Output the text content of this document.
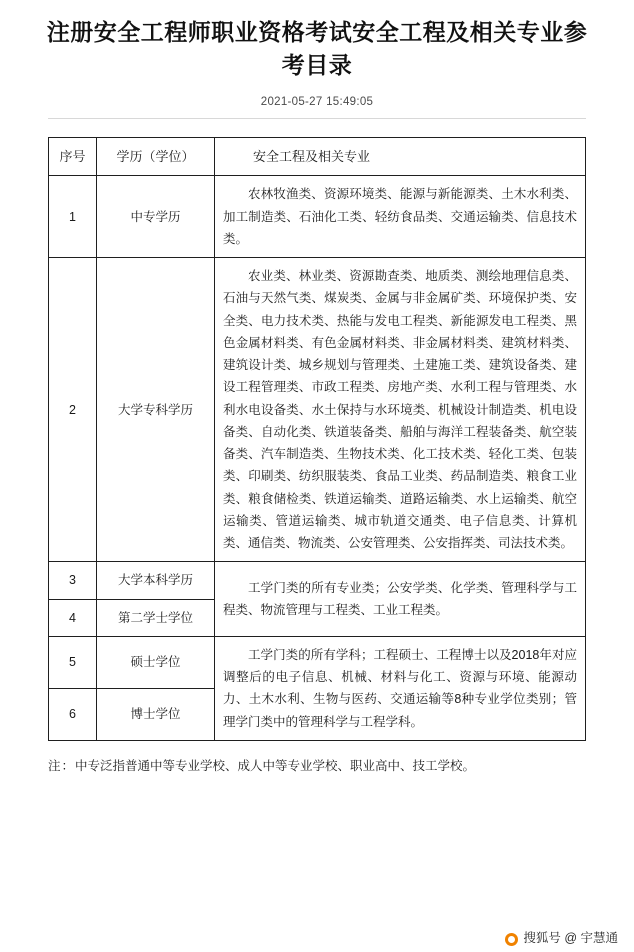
注册安全工程师职业资格考试安全工程及相关专业参考目录
2021-05-27 15:49:05
序号	学历（学位）	安全工程及相关专业
1	中专学历	农林牧渔类、资源环境类、能源与新能源类、土木水利类、加工制造类、石油化工类、轻纺食品类、交通运输类、信息技术类。
2	大学专科学历	农业类、林业类、资源勘查类、地质类、测绘地理信息类、石油与天然气类、煤炭类、金属与非金属矿类、环境保护类、安全类、电力技术类、热能与发电工程类、新能源发电工程类、黑色金属材料类、有色金属材料类、非金属材料类、建筑材料类、建筑设计类、城乡规划与管理类、土建施工类、建筑设备类、建设工程管理类、市政工程类、房地产类、水利工程与管理类、水利水电设备类、水土保持与水环境类、机械设计制造类、机电设备类、自动化类、铁道装备类、船舶与海洋工程装备类、航空装备类、汽车制造类、生物技术类、化工技术类、轻化工类、包装类、印刷类、纺织服装类、食品工业类、药品制造类、粮食工业类、粮食储检类、铁道运输类、道路运输类、水上运输类、航空运输类、管道运输类、城市轨道交通类、电子信息类、计算机类、通信类、物流类、公安管理类、公安指挥类、司法技术类。
3	大学本科学历	工学门类的所有专业类；公安学类、化学类、管理科学与工程类、物流管理与工程类、工业工程类。
4	第二学士学位	
5	硕士学位	工学门类的所有学科；工程硕士、工程博士以及2018年对应调整后的电子信息、机械、材料与化工、资源与环境、能源动力、土木水利、生物与医药、交通运输等8种专业学位类别；管理学门类中的管理科学与工程学科。
6	博士学位	
注：中专泛指普通中等专业学校、成人中等专业学校、职业高中、技工学校。
搜狐号 @ 宇慧通
